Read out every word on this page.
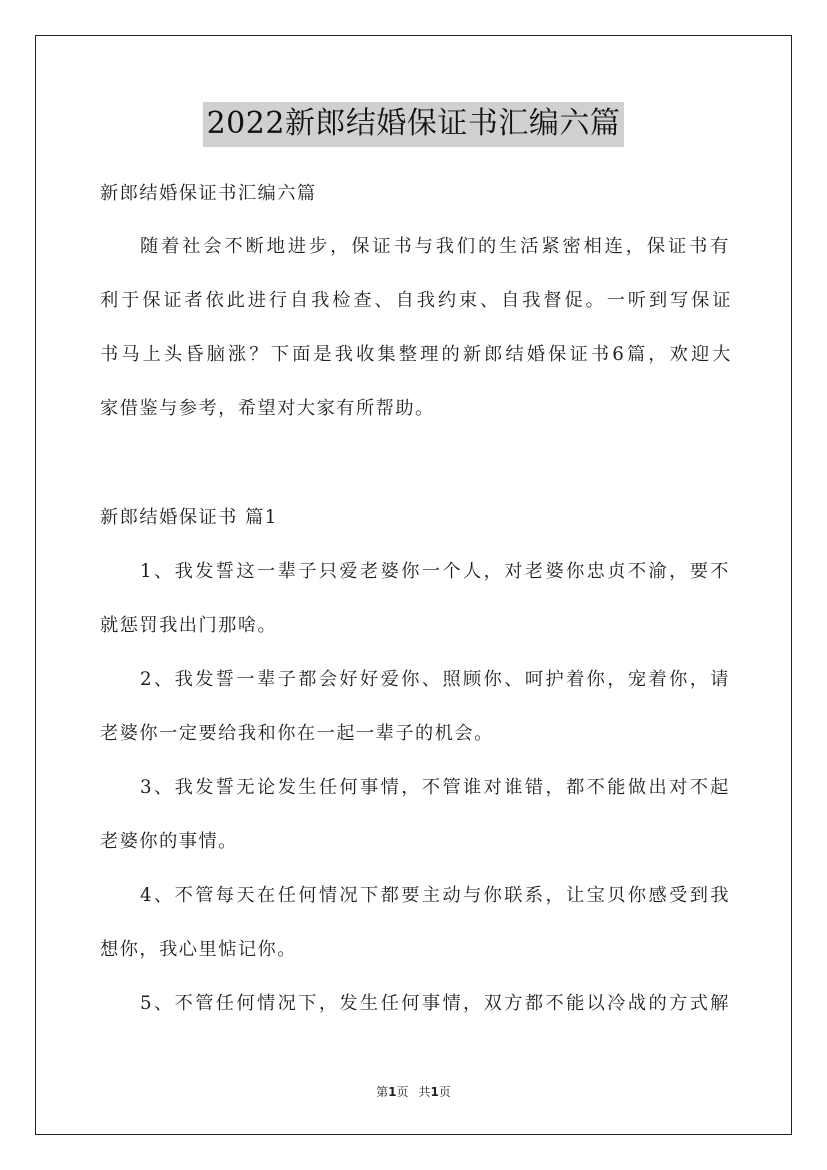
2022新郎结婚保证书汇编六篇
新郎结婚保证书汇编六篇
随着社会不断地进步，保证书与我们的生活紧密相连，保证书有
利于保证者依此进行自我检查、自我约束、自我督促。一听到写保证
书马上头昏脑涨？下面是我收集整理的新郎结婚保证书6篇，欢迎大
家借鉴与参考，希望对大家有所帮助。
新郎结婚保证书 篇1
1、我发誓这一辈子只爱老婆你一个人，对老婆你忠贞不渝，要不
就惩罚我出门那啥。
2、我发誓一辈子都会好好爱你、照顾你、呵护着你，宠着你，请
老婆你一定要给我和你在一起一辈子的机会。
3、我发誓无论发生任何事情，不管谁对谁错，都不能做出对不起
老婆你的事情。
4、不管每天在任何情况下都要主动与你联系，让宝贝你感受到我
想你，我心里惦记你。
5、不管任何情况下，发生任何事情，双方都不能以冷战的方式解
第1页 共1页
